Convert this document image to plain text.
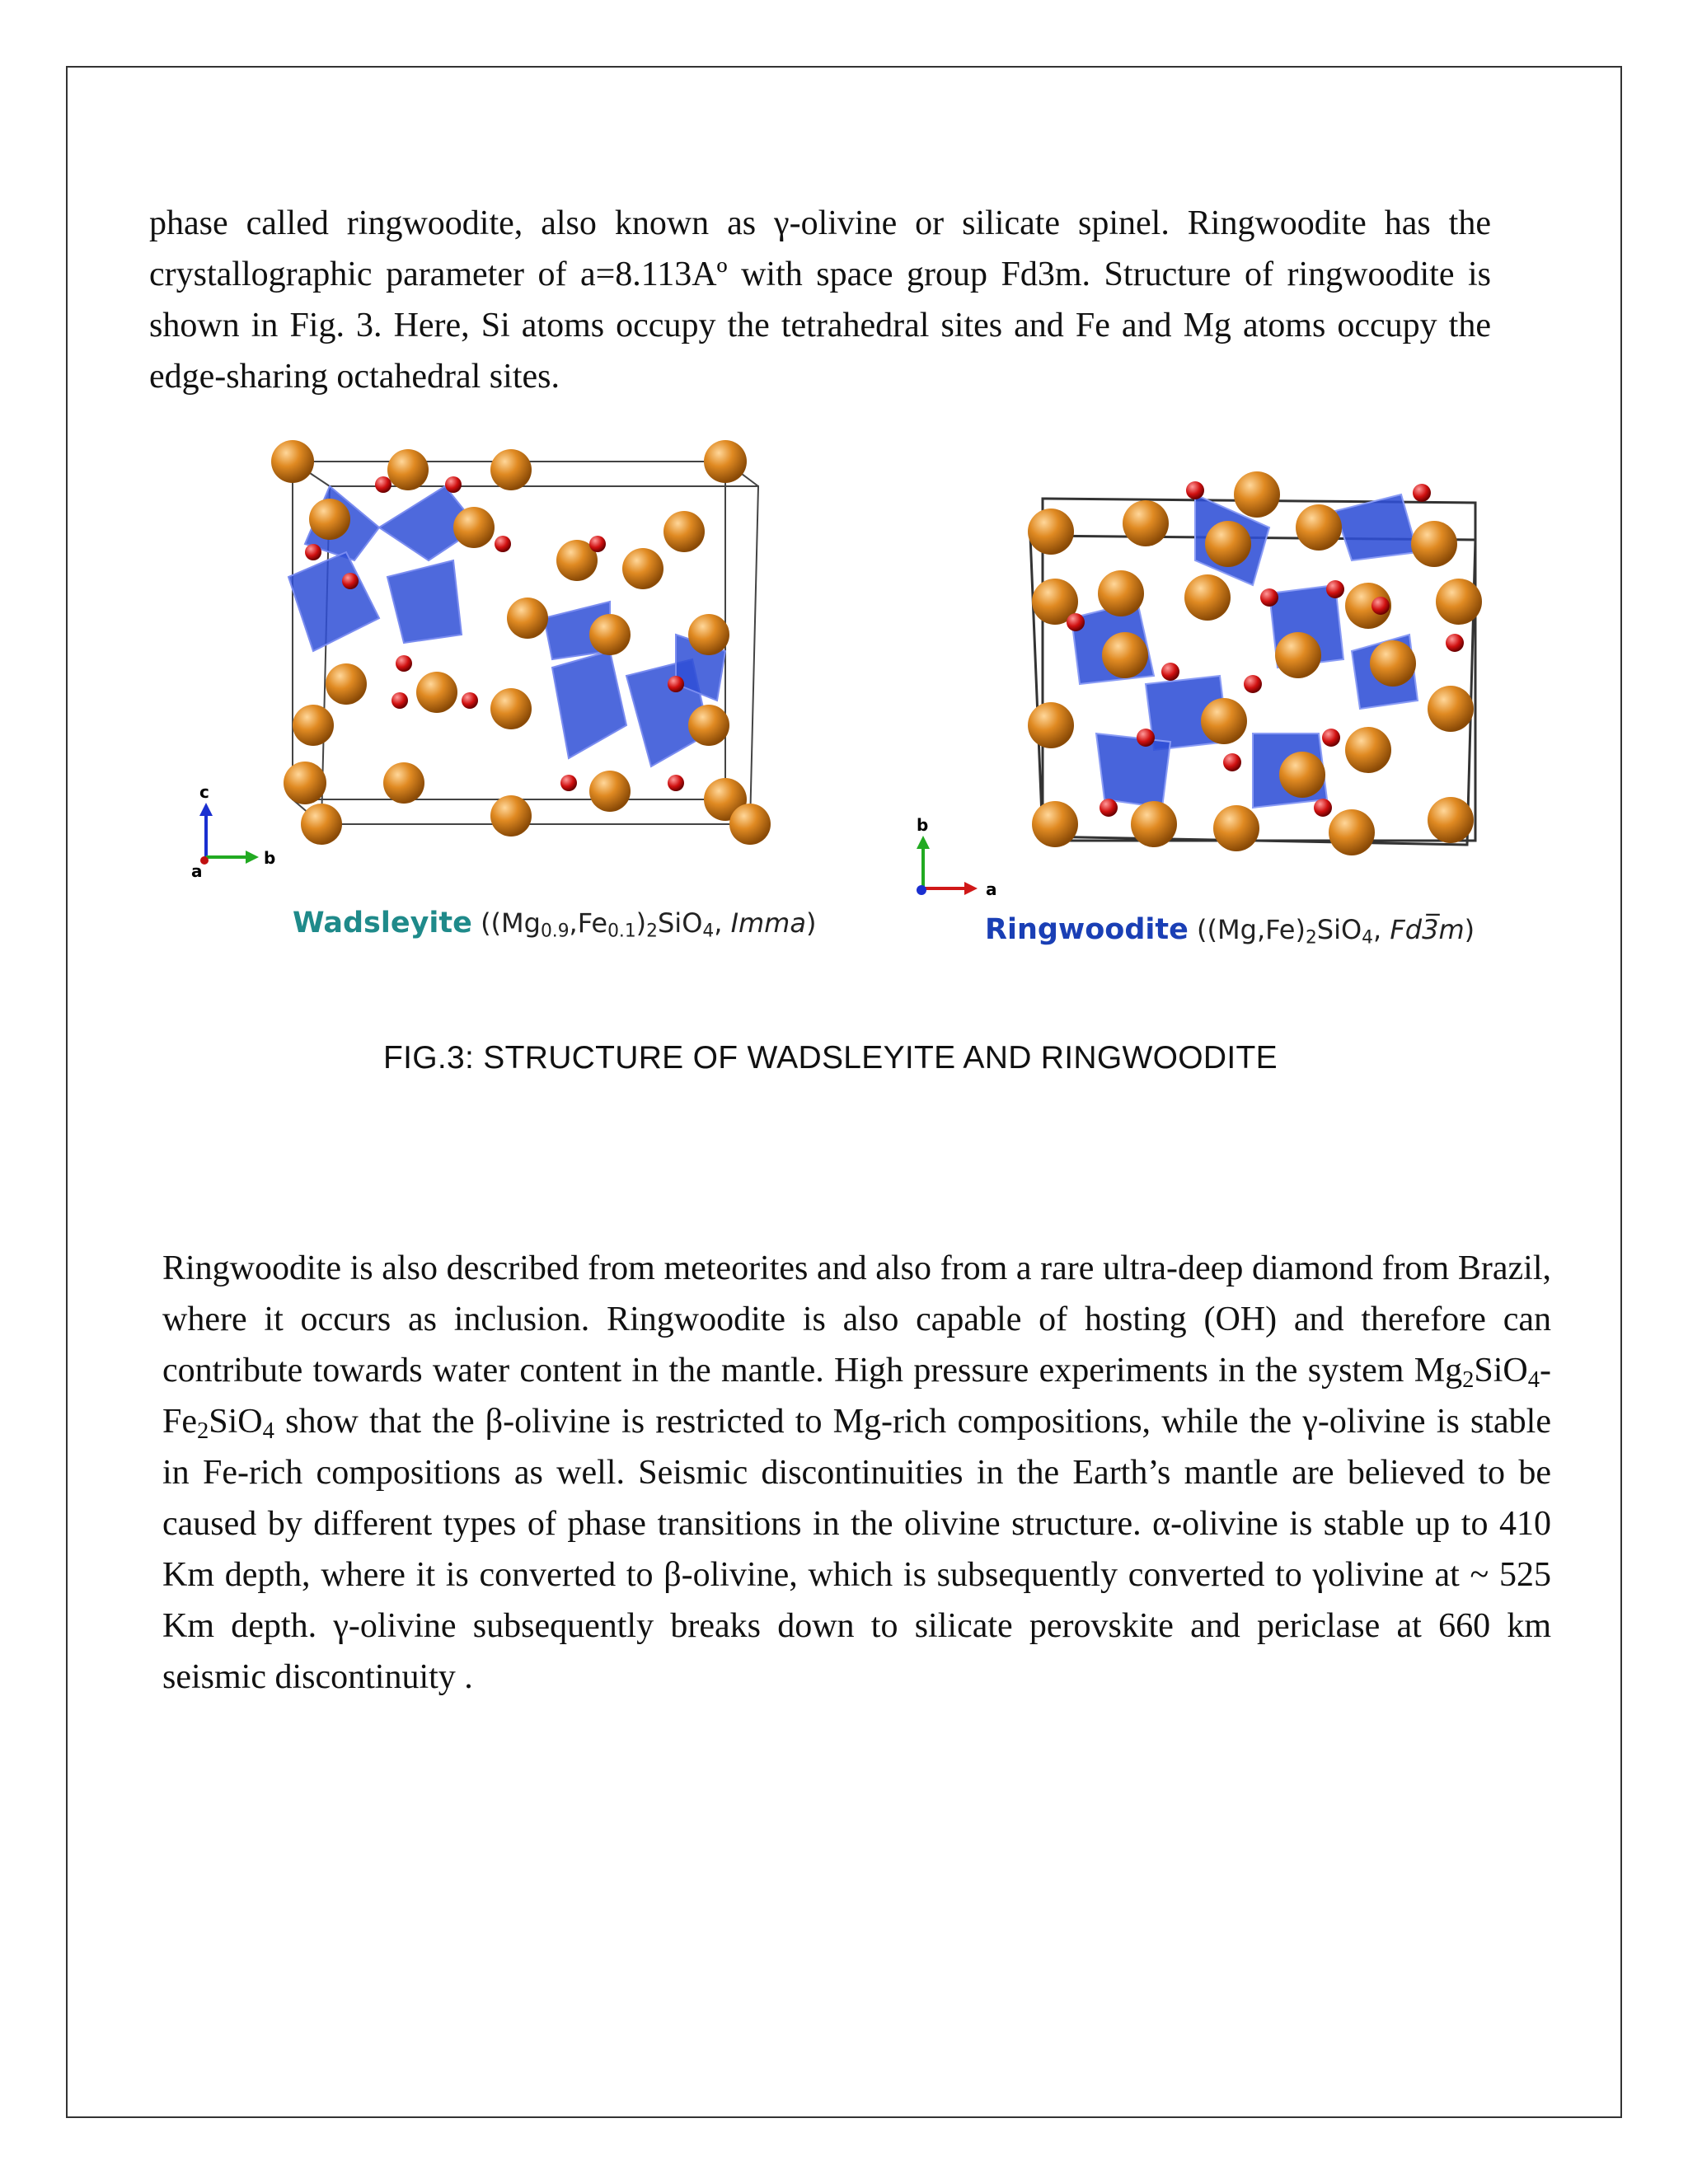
phase called ringwoodite, also known as γ-olivine or silicate spinel. Ringwoodite has the crystallographic parameter of a=8.113Aº with space group Fd3m. Structure of ringwoodite is shown in Fig. 3. Here, Si atoms occupy the tetrahedral sites and Fe and Mg atoms occupy the edge-sharing octahedral sites.

c
b
a
Wadsleyite ($(Mg_{0.9},Fe_{0.1})_2SiO_4$, Imma)
b
a
Ringwoodite ($(Mg,Fe)_2SiO_4$, Fd3̅m)
FIG.3: STRUCTURE OF WADSLEYITE AND RINGWOODITE

Ringwoodite is also described from meteorites and also from a rare ultra-deep diamond from Brazil, where it occurs as inclusion. Ringwoodite is also capable of hosting (OH) and therefore can contribute towards water content in the mantle. High pressure experiments in the system $Mg_2SiO_4-Fe_2SiO_4$ show that the β-olivine is restricted to Mg-rich compositions, while the γ-olivine is stable in Fe-rich compositions as well. Seismic discontinuities in the Earth’s mantle are believed to be caused by different types of phase transitions in the olivine structure. α-olivine is stable up to 410 Km depth, where it is converted to β-olivine, which is subsequently converted to γolivine at ~ 525 Km depth. γ-olivine subsequently breaks down to silicate perovskite and periclase at 660 km seismic discontinuity .
